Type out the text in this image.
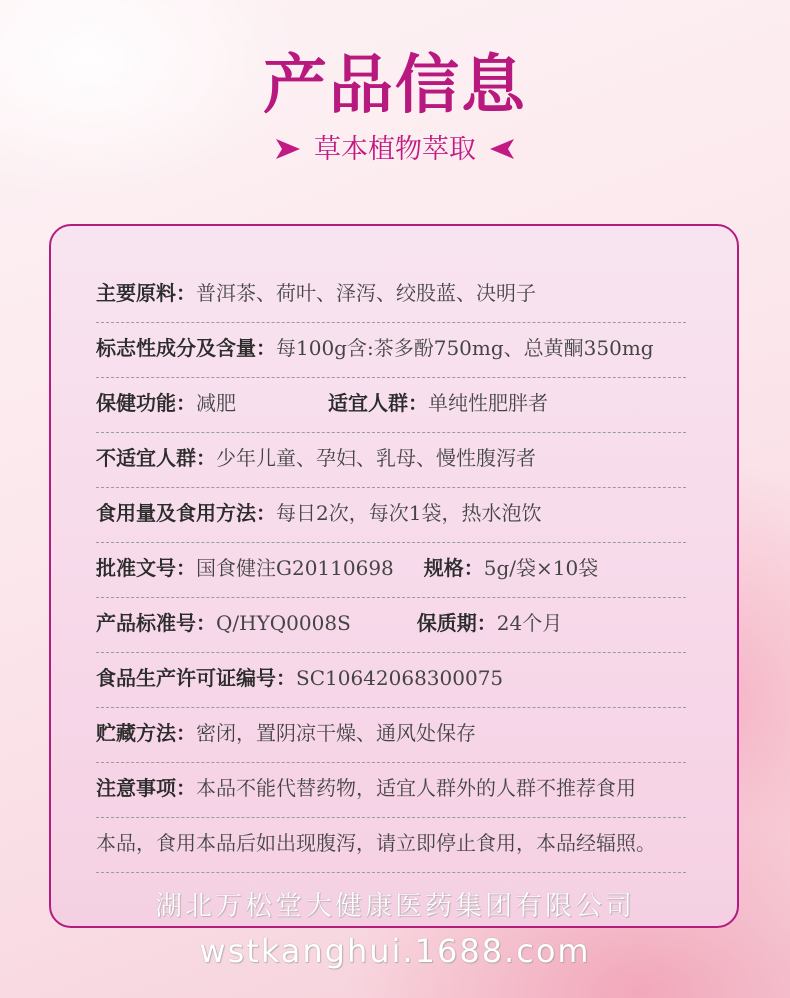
产品信息
草本植物萃取
主要原料： 普洱茶、荷叶、泽泻、绞股蓝、决明子
标志性成分及含量： 每100g含:茶多酚750mg、总黄酮350mg
保健功能： 减肥	适宜人群： 单纯性肥胖者
不适宜人群： 少年儿童、孕妇、乳母、慢性腹泻者
食用量及食用方法： 每日2次，每次1袋，热水泡饮
批准文号： 国食健注G20110698 规格： 5g/袋×10袋
产品标准号： Q/HYQ0008S	保质期： 24个月
食品生产许可证编号： SC10642068300075
贮藏方法： 密闭，置阴凉干燥、通风处保存
注意事项： 本品不能代替药物，适宜人群外的人群不推荐食用
本品，食用本品后如出现腹泻，请立即停止食用，本品经辐照。
湖北万松堂大健康医药集团有限公司
wstkanghui.1688.com
